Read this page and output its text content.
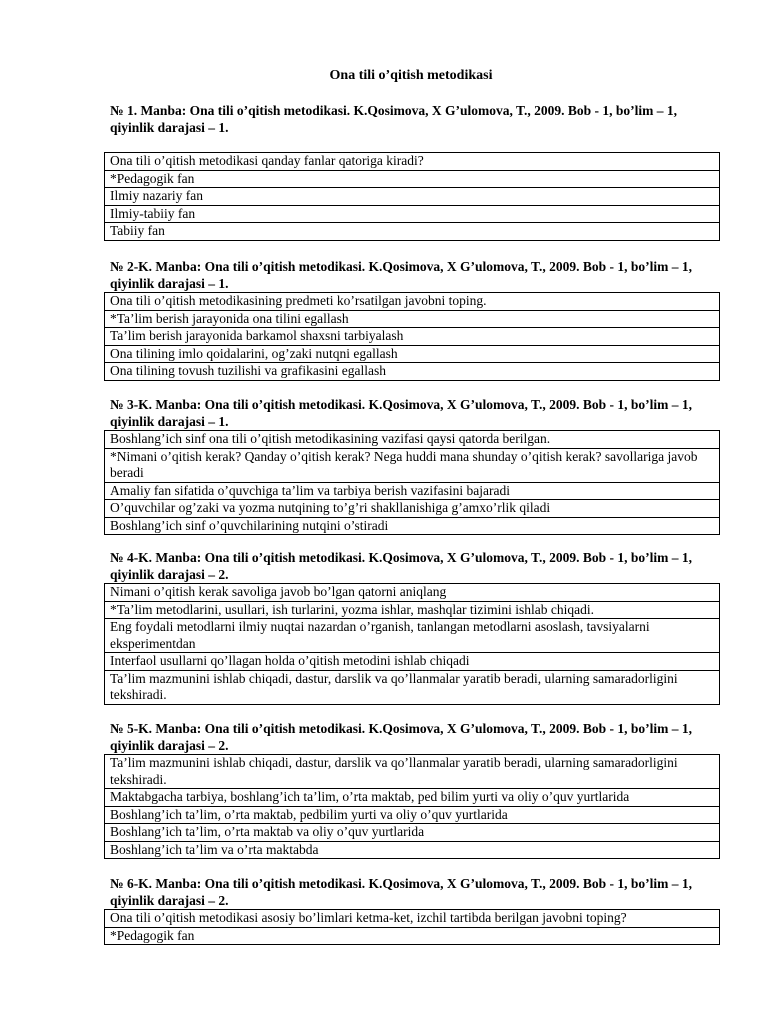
Ona tili o’qitish metodikasi
№ 1. Manba: Ona tili o’qitish metodikasi. K.Qosimova, X G’ulomova, T., 2009. Bob - 1, bo’lim – 1, qiyinlik darajasi – 1.
Ona tili o’qitish metodikasi qanday fanlar qatoriga kiradi?
*Pedagogik fan
Ilmiy nazariy fan
Ilmiy-tabiiy fan
Tabiiy fan
№ 2-K. Manba: Ona tili o’qitish metodikasi. K.Qosimova, X G’ulomova, T., 2009. Bob - 1, bo’lim – 1, qiyinlik darajasi – 1.
Ona tili o’qitish metodikasining predmeti ko’rsatilgan javobni toping.
*Ta’lim berish jarayonida ona tilini egallash
Ta’lim berish jarayonida barkamol shaxsni tarbiyalash
Ona tilining imlo qoidalarini, og’zaki nutqni egallash
Ona tilining tovush tuzilishi va grafikasini egallash
№ 3-K. Manba: Ona tili o’qitish metodikasi. K.Qosimova, X G’ulomova, T., 2009. Bob - 1, bo’lim – 1, qiyinlik darajasi – 1.
Boshlang’ich sinf ona tili o’qitish metodikasining vazifasi qaysi qatorda berilgan.
*Nimani o’qitish kerak? Qanday o’qitish kerak? Nega huddi mana shunday o’qitish kerak? savollariga javob beradi
Amaliy fan sifatida o’quvchiga ta’lim va tarbiya berish vazifasini bajaradi
O’quvchilar og’zaki va yozma nutqining to’g’ri shakllanishiga g’amxo’rlik qiladi
Boshlang’ich sinf o’quvchilarining nutqini o’stiradi
№ 4-K. Manba: Ona tili o’qitish metodikasi. K.Qosimova, X G’ulomova, T., 2009. Bob - 1, bo’lim – 1, qiyinlik darajasi – 2.
Nimani o’qitish kerak savoliga javob bo’lgan qatorni aniqlang
*Ta’lim metodlarini, usullari, ish turlarini, yozma ishlar, mashqlar tizimini ishlab chiqadi.
Eng foydali metodlarni ilmiy nuqtai nazardan o’rganish, tanlangan metodlarni asoslash, tavsiyalarni eksperimentdan
Interfaol usullarni qo’llagan holda o’qitish metodini ishlab chiqadi
Ta’lim mazmunini ishlab chiqadi, dastur, darslik va qo’llanmalar yaratib beradi, ularning samaradorligini tekshiradi.
№ 5-K. Manba: Ona tili o’qitish metodikasi. K.Qosimova, X G’ulomova, T., 2009. Bob - 1, bo’lim – 1, qiyinlik darajasi – 2.
Ta’lim mazmunini ishlab chiqadi, dastur, darslik va qo’llanmalar yaratib beradi, ularning samaradorligini tekshiradi.
Maktabgacha tarbiya, boshlang’ich ta’lim, o’rta maktab, ped bilim yurti va oliy o’quv yurtlarida
Boshlang’ich ta’lim, o’rta maktab, pedbilim yurti va oliy o’quv yurtlarida
Boshlang’ich ta’lim, o’rta maktab va oliy o’quv yurtlarida
Boshlang’ich ta’lim va o’rta maktabda
№ 6-K. Manba: Ona tili o’qitish metodikasi. K.Qosimova, X G’ulomova, T., 2009. Bob - 1, bo’lim – 1, qiyinlik darajasi – 2.
Ona tili o’qitish metodikasi asosiy bo’limlari ketma-ket, izchil tartibda berilgan javobni toping?
*Pedagogik fan
